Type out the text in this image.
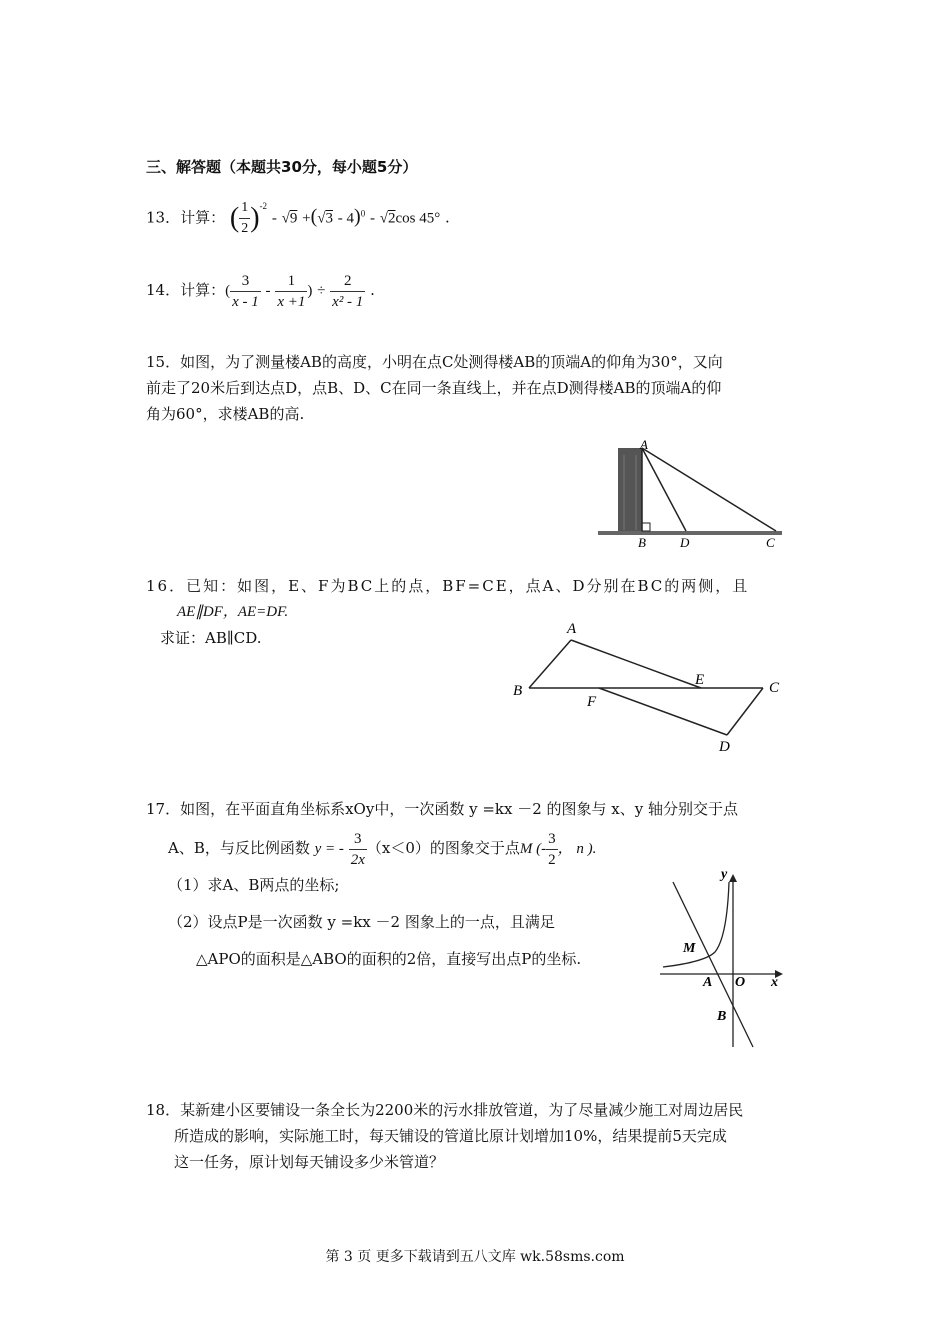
三、解答题（本题共30分，每小题5分）
13．计算： ( $\frac{1}{2} )^{-2} - √9 +(√3 - 4)^0 - √2\cos$ 45° .
14．计算：( $\frac{3}{x - 1} - \frac{1}{x +1}$ ) ÷ $\frac{2}{\text{x² - 1}}$ .
15．如图，为了测量楼AB的高度，小明在点C处测得楼AB的顶端A的仰角为30°，又向
前走了20米后到达点D，点B、D、C在同一条直线上，并在点D测得楼AB的顶端A的仰
角为60°，求楼AB的高.
A
B	D	C
16．已知：如图，E、F为BC上的点，BF=CE，点A、D分别在BC的两侧，且
AE∥DF，AE=DF.
求证：AB∥CD.	A
B	C
D
E
F
17．如图，在平面直角坐标系xOy中，一次函数 y =kx －2 的图象与 x、y 轴分别交于点
A、B，与反比例函数 y = - $\frac{3}{2x} (x<0)$的图象交于点M (- $\frac{3}{2}$ ， n ).
（1）求A、B两点的坐标;
（2）设点P是一次函数 y =kx －2 图象上的一点，且满足
△APO的面积是△ABO的面积的2倍，直接写出点P的坐标.
y
x
M
A O
B
18．某新建小区要铺设一条全长为2200米的污水排放管道，为了尽量减少施工对周边居民
所造成的影响，实际施工时，每天铺设的管道比原计划增加10%，结果提前5天完成
这一任务，原计划每天铺设多少米管道？
第 3 页 更多下载请到五八文库 wk.58sms.com
